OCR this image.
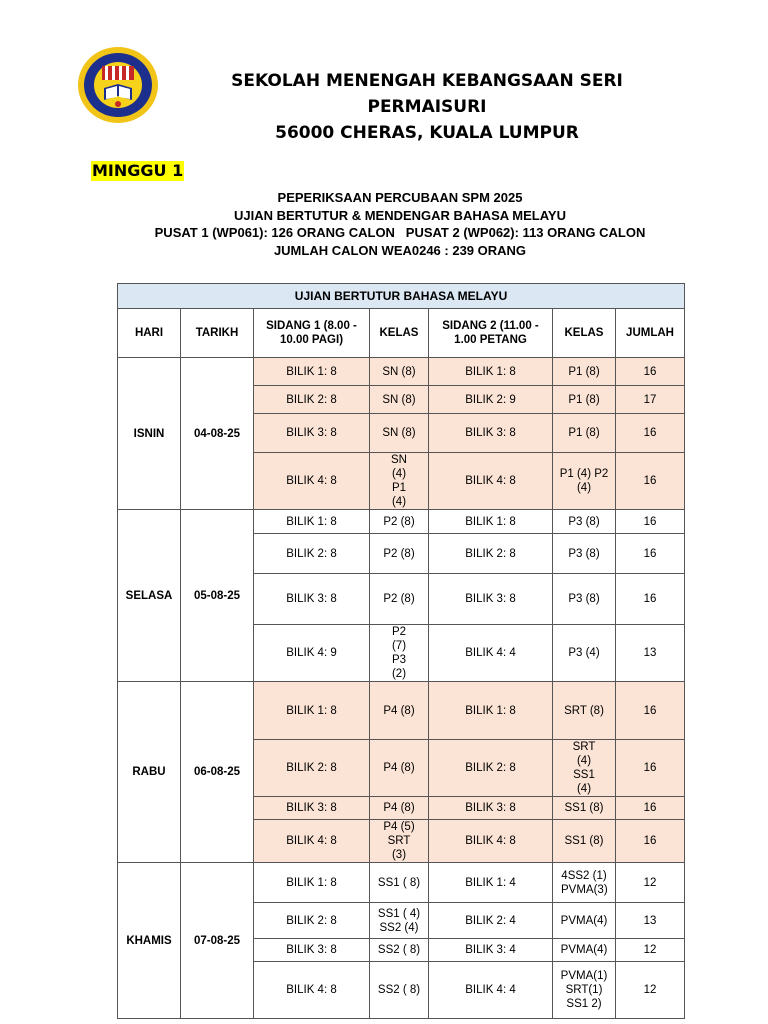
SEKOLAH MENENGAH KEBANGSAAN SERI PERMAISURI
56000 CHERAS, KUALA LUMPUR
MINGGU 1
PEPERIKSAAN PERCUBAAN SPM 2025
UJIAN BERTUTUR & MENDENGAR BAHASA MELAYU
PUSAT 1 (WP061): 126 ORANG CALON   PUSAT 2 (WP062): 113 ORANG CALON
JUMLAH CALON WEA0246 : 239 ORANG
UJIAN BERTUTUR BAHASA MELAYU						
HARI	TARIKH	SIDANG 1 (8.00 - 10.00 PAGI)	KELAS	SIDANG 2 (11.00 - 1.00 PETANG	KELAS	JUMLAH
ISNIN	04-08-25	BILIK 1: 8	SN (8)	BILIK 1: 8	P1 (8)	16
		BILIK 2: 8	SN (8)	BILIK 2: 9	P1 (8)	17
		BILIK 3: 8	SN (8)	BILIK 3: 8	P1 (8)	16
		BILIK 4: 8	SN (4) P1 (4)	BILIK 4: 8	P1 (4) P2 (4)	16
SELASA	05-08-25	BILIK 1: 8	P2 (8)	BILIK 1: 8	P3 (8)	16
		BILIK 2: 8	P2 (8)	BILIK 2: 8	P3 (8)	16
		BILIK 3: 8	P2 (8)	BILIK 3: 8	P3 (8)	16
		BILIK 4: 9	P2 (7) P3 (2)	BILIK 4: 4	P3 (4)	13
RABU	06-08-25	BILIK 1: 8	P4 (8)	BILIK 1: 8	SRT (8)	16
		BILIK 2: 8	P4 (8)	BILIK 2: 8	SRT (4) SS1 (4)	16
		BILIK 3: 8	P4 (8)	BILIK 3: 8	SS1 (8)	16
		BILIK 4: 8	P4 (5) SRT (3)	BILIK 4: 8	SS1 (8)	16
KHAMIS	07-08-25	BILIK 1: 8	SS1 ( 8)	BILIK 1: 4	4SS2 (1) PVMA(3)	12
		BILIK 2: 8	SS1 ( 4) SS2 (4)	BILIK 2: 4	PVMA(4)	13
		BILIK 3: 8	SS2 ( 8)	BILIK 3: 4	PVMA(4)	12
		BILIK 4: 8	SS2 ( 8)	BILIK 4: 4	PVMA(1) SRT(1) SS1 2)	12
